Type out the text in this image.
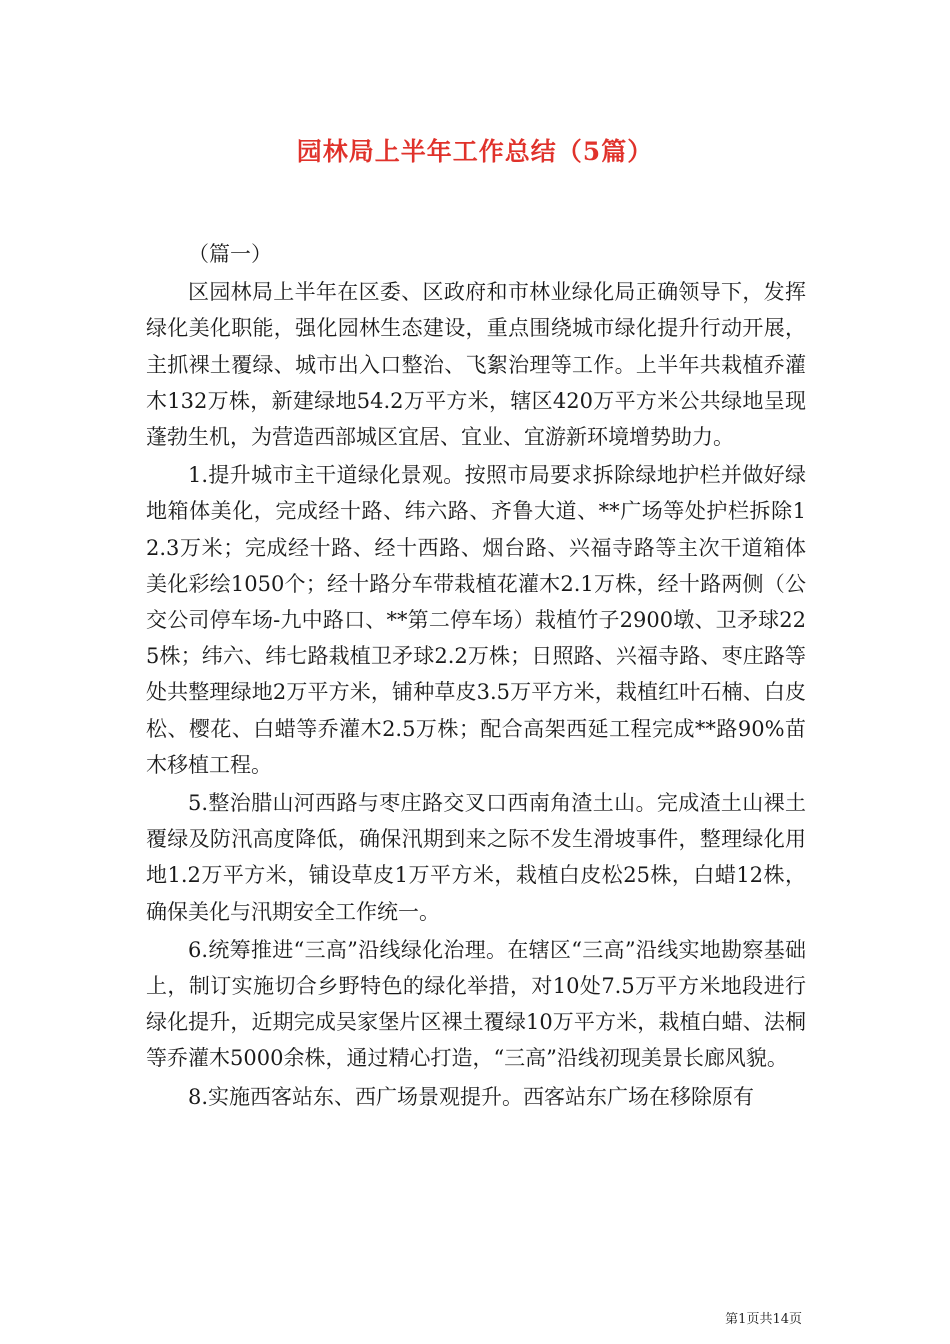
园林局上半年工作总结（5篇）

（篇一）

区园林局上半年在区委、区政府和市林业绿化局正确领导下，发挥绿化美化职能，强化园林生态建设，重点围绕城市绿化提升行动开展，主抓裸土覆绿、城市出入口整治、飞絮治理等工作。上半年共栽植乔灌木132万株，新建绿地54.2万平方米，辖区420万平方米公共绿地呈现蓬勃生机，为营造西部城区宜居、宜业、宜游新环境增势助力。

1.提升城市主干道绿化景观。按照市局要求拆除绿地护栏并做好绿地箱体美化，完成经十路、纬六路、齐鲁大道、**广场等处护栏拆除12.3万米；完成经十路、经十西路、烟台路、兴福寺路等主次干道箱体美化彩绘1050个；经十路分车带栽植花灌木2.1万株，经十路两侧（公交公司停车场-九中路口、**第二停车场）栽植竹子2900墩、卫矛球225株；纬六、纬七路栽植卫矛球2.2万株；日照路、兴福寺路、枣庄路等处共整理绿地2万平方米，铺种草皮3.5万平方米，栽植红叶石楠、白皮松、樱花、白蜡等乔灌木2.5万株；配合高架西延工程完成**路90%苗木移植工程。

5.整治腊山河西路与枣庄路交叉口西南角渣土山。完成渣土山裸土覆绿及防汛高度降低，确保汛期到来之际不发生滑坡事件，整理绿化用地1.2万平方米，铺设草皮1万平方米，栽植白皮松25株，白蜡12株，确保美化与汛期安全工作统一。

6.统筹推进“三高”沿线绿化治理。在辖区“三高”沿线实地勘察基础上，制订实施切合乡野特色的绿化举措，对10处7.5万平方米地段进行绿化提升，近期完成吴家堡片区裸土覆绿10万平方米，栽植白蜡、法桐等乔灌木5000余株，通过精心打造，“三高”沿线初现美景长廊风貌。

8.实施西客站东、西广场景观提升。西客站东广场在移除原有

第1页共14页
